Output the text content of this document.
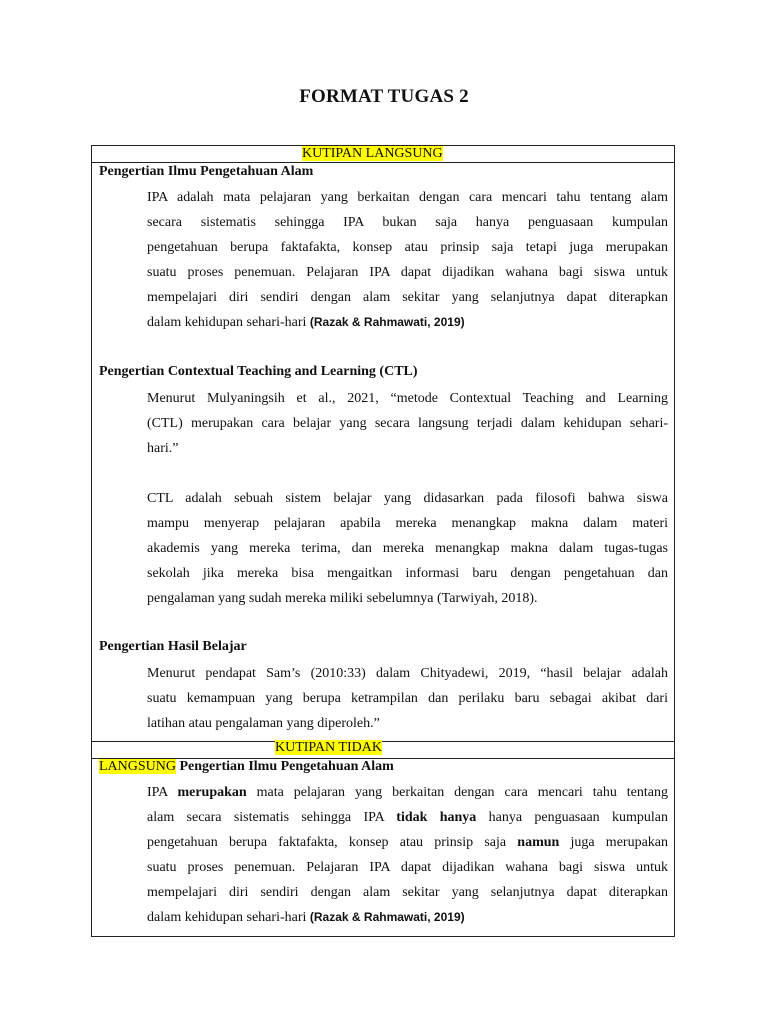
FORMAT TUGAS 2
KUTIPAN LANGSUNG
Pengertian Ilmu Pengetahuan Alam
IPA adalah mata pelajaran yang berkaitan dengan cara mencari tahu tentang alam
secara sistematis sehingga IPA bukan saja hanya penguasaan kumpulan
pengetahuan berupa faktafakta, konsep atau prinsip saja tetapi juga merupakan
suatu proses penemuan. Pelajaran IPA dapat dijadikan wahana bagi siswa untuk
mempelajari diri sendiri dengan alam sekitar yang selanjutnya dapat diterapkan
dalam kehidupan sehari-hari (Razak & Rahmawati, 2019)
Pengertian Contextual Teaching and Learning (CTL)
Menurut Mulyaningsih et al., 2021, “metode Contextual Teaching and Learning
(CTL) merupakan cara belajar yang secara langsung terjadi dalam kehidupan sehari-
hari.”
CTL adalah sebuah sistem belajar yang didasarkan pada filosofi bahwa siswa
mampu menyerap pelajaran apabila mereka menangkap makna dalam materi
akademis yang mereka terima, dan mereka menangkap makna dalam tugas-tugas
sekolah jika mereka bisa mengaitkan informasi baru dengan pengetahuan dan
pengalaman yang sudah mereka miliki sebelumnya (Tarwiyah, 2018).
Pengertian Hasil Belajar
Menurut pendapat Sam’s (2010:33) dalam Chityadewi, 2019, “hasil belajar adalah
suatu kemampuan yang berupa ketrampilan dan perilaku baru sebagai akibat dari
latihan atau pengalaman yang diperoleh.”
KUTIPAN TIDAK
LANGSUNG Pengertian Ilmu Pengetahuan Alam
IPA merupakan mata pelajaran yang berkaitan dengan cara mencari tahu tentang
alam secara sistematis sehingga IPA tidak hanya hanya penguasaan kumpulan
pengetahuan berupa faktafakta, konsep atau prinsip saja namun juga merupakan
suatu proses penemuan. Pelajaran IPA dapat dijadikan wahana bagi siswa untuk
mempelajari diri sendiri dengan alam sekitar yang selanjutnya dapat diterapkan
dalam kehidupan sehari-hari (Razak & Rahmawati, 2019)
